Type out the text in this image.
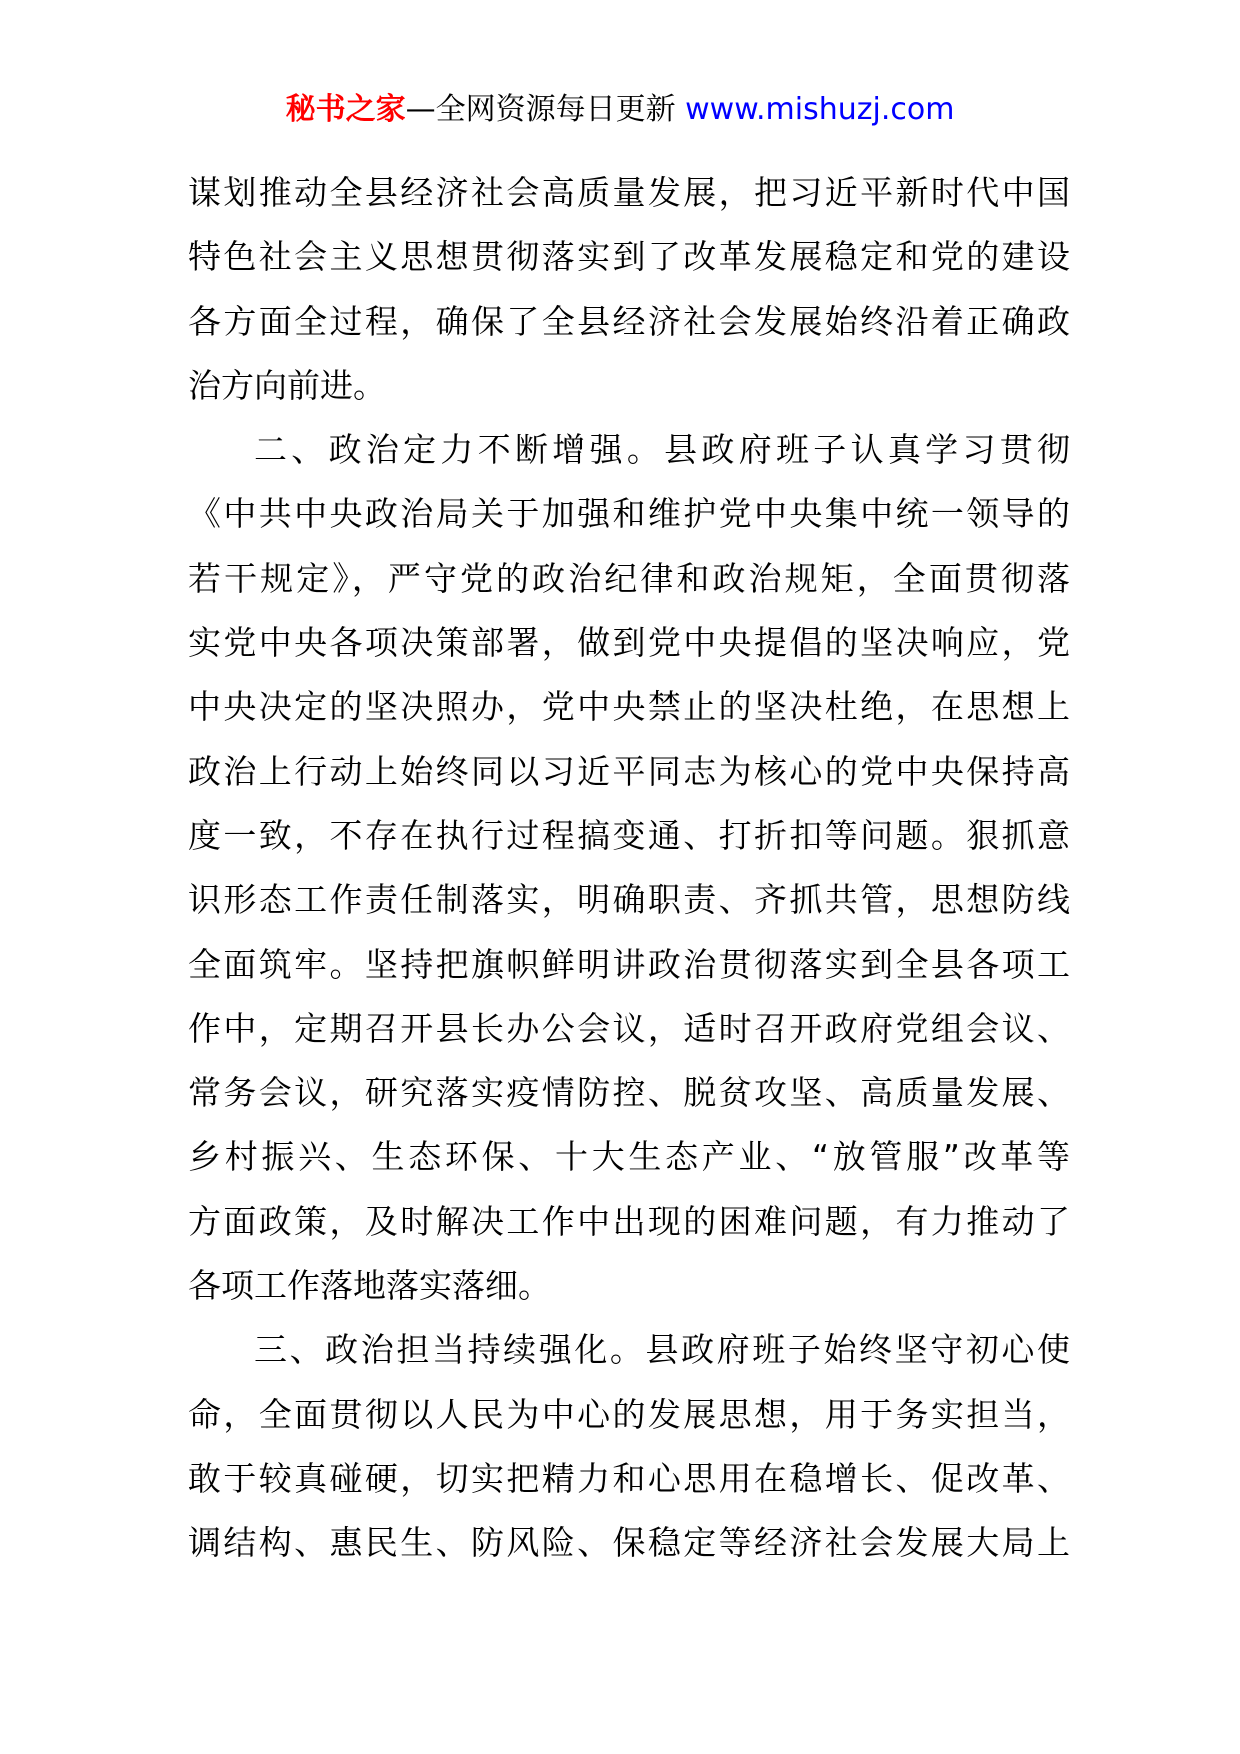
秘书之家—全网资源每日更新 www.mishuzj.com
谋划推动全县经济社会高质量发展，把习近平新时代中国
特色社会主义思想贯彻落实到了改革发展稳定和党的建设
各方面全过程，确保了全县经济社会发展始终沿着正确政
治方向前进。
二、政治定力不断增强。县政府班子认真学习贯彻
《中共中央政治局关于加强和维护党中央集中统一领导的
若干规定》，严守党的政治纪律和政治规矩，全面贯彻落
实党中央各项决策部署，做到党中央提倡的坚决响应，党
中央决定的坚决照办，党中央禁止的坚决杜绝，在思想上
政治上行动上始终同以习近平同志为核心的党中央保持高
度一致，不存在执行过程搞变通、打折扣等问题。狠抓意
识形态工作责任制落实，明确职责、齐抓共管，思想防线
全面筑牢。坚持把旗帜鲜明讲政治贯彻落实到全县各项工
作中，定期召开县长办公会议，适时召开政府党组会议、
常务会议，研究落实疫情防控、脱贫攻坚、高质量发展、
乡村振兴、生态环保、十大生态产业、“放管服”改革等
方面政策，及时解决工作中出现的困难问题，有力推动了
各项工作落地落实落细。
三、政治担当持续强化。县政府班子始终坚守初心使
命，全面贯彻以人民为中心的发展思想，用于务实担当，
敢于较真碰硬，切实把精力和心思用在稳增长、促改革、
调结构、惠民生、防风险、保稳定等经济社会发展大局上
